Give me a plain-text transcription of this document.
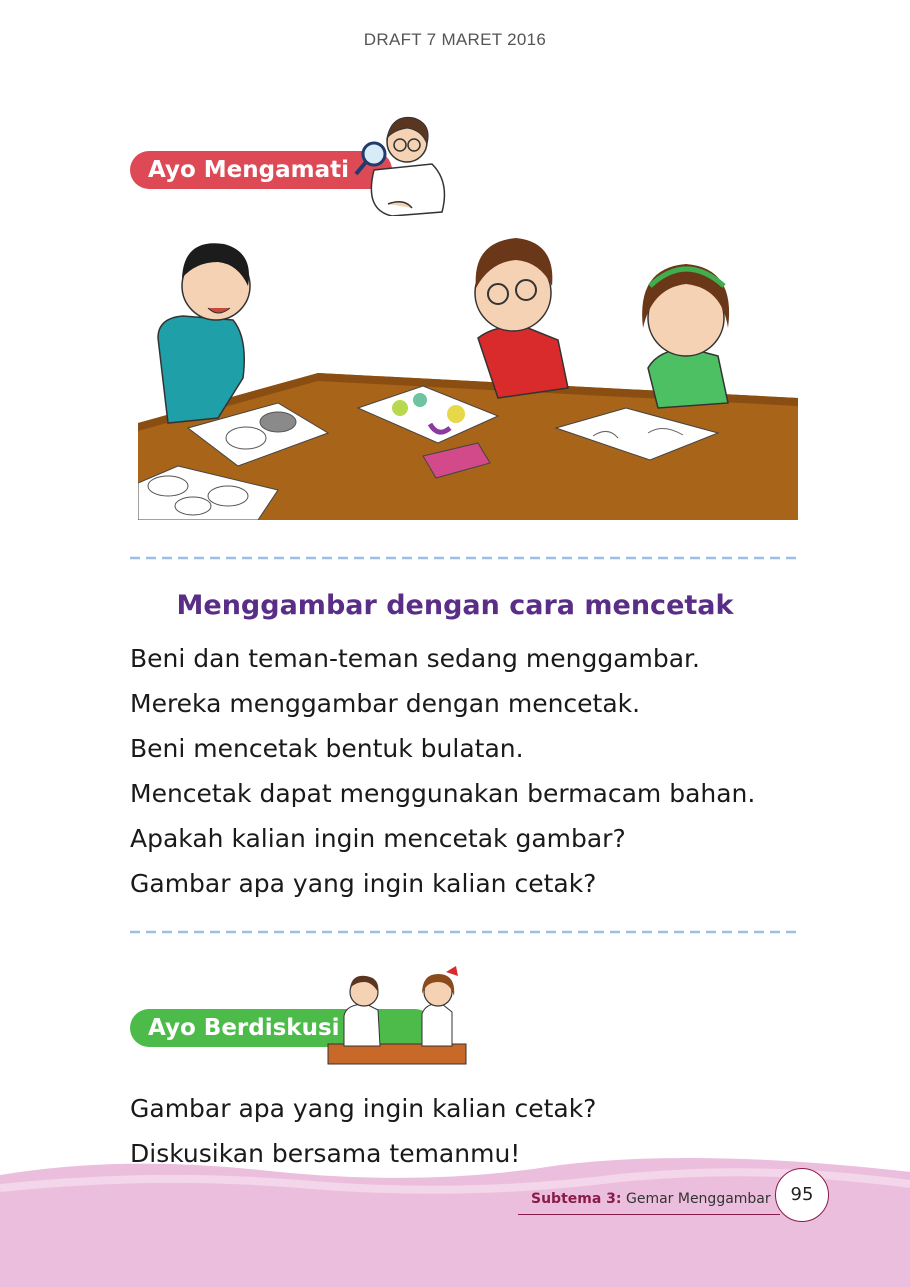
DRAFT 7 MARET 2016
Ayo Mengamati
Menggambar dengan cara mencetak
Beni dan teman-teman sedang menggambar.
Mereka menggambar dengan mencetak.
Beni mencetak bentuk bulatan.
Mencetak dapat menggunakan bermacam bahan.
Apakah kalian ingin mencetak gambar?
Gambar apa yang ingin kalian cetak?
Ayo Berdiskusi
Gambar apa yang ingin kalian cetak?
Diskusikan bersama temanmu!
Subtema 3: Gemar Menggambar	95
